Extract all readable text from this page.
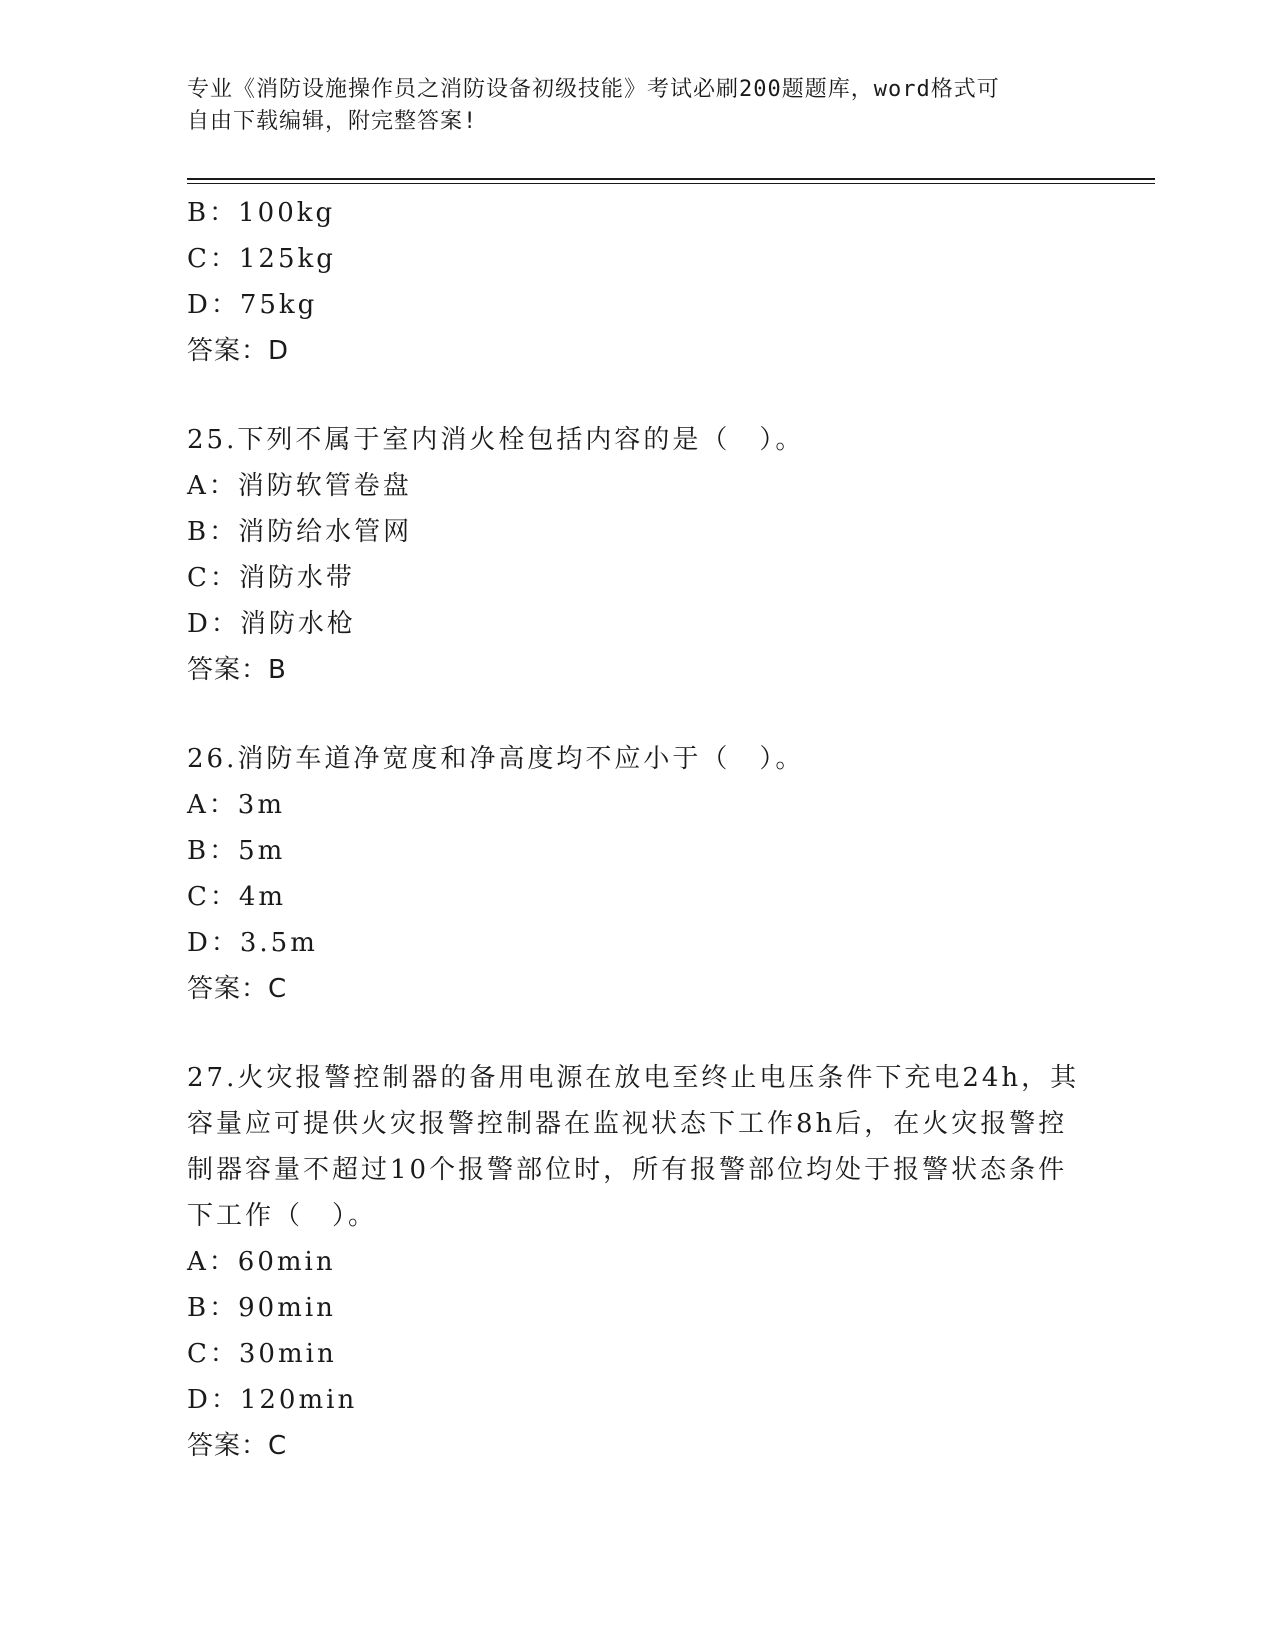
专业《消防设施操作员之消防设备初级技能》考试必刷200题题库，word格式可
自由下载编辑，附完整答案!
B：100kg
C：125kg
D：75kg
答案：D
25.下列不属于室内消火栓包括内容的是（　）。
A：消防软管卷盘
B：消防给水管网
C：消防水带
D：消防水枪
答案：B
26.消防车道净宽度和净高度均不应小于（　）。
A：3m
B：5m
C：4m
D：3.5m
答案：C
27.火灾报警控制器的备用电源在放电至终止电压条件下充电24h，其
容量应可提供火灾报警控制器在监视状态下工作8h后，在火灾报警控
制器容量不超过10个报警部位时，所有报警部位均处于报警状态条件
下工作（　）。
A：60min
B：90min
C：30min
D：120min
答案：C
